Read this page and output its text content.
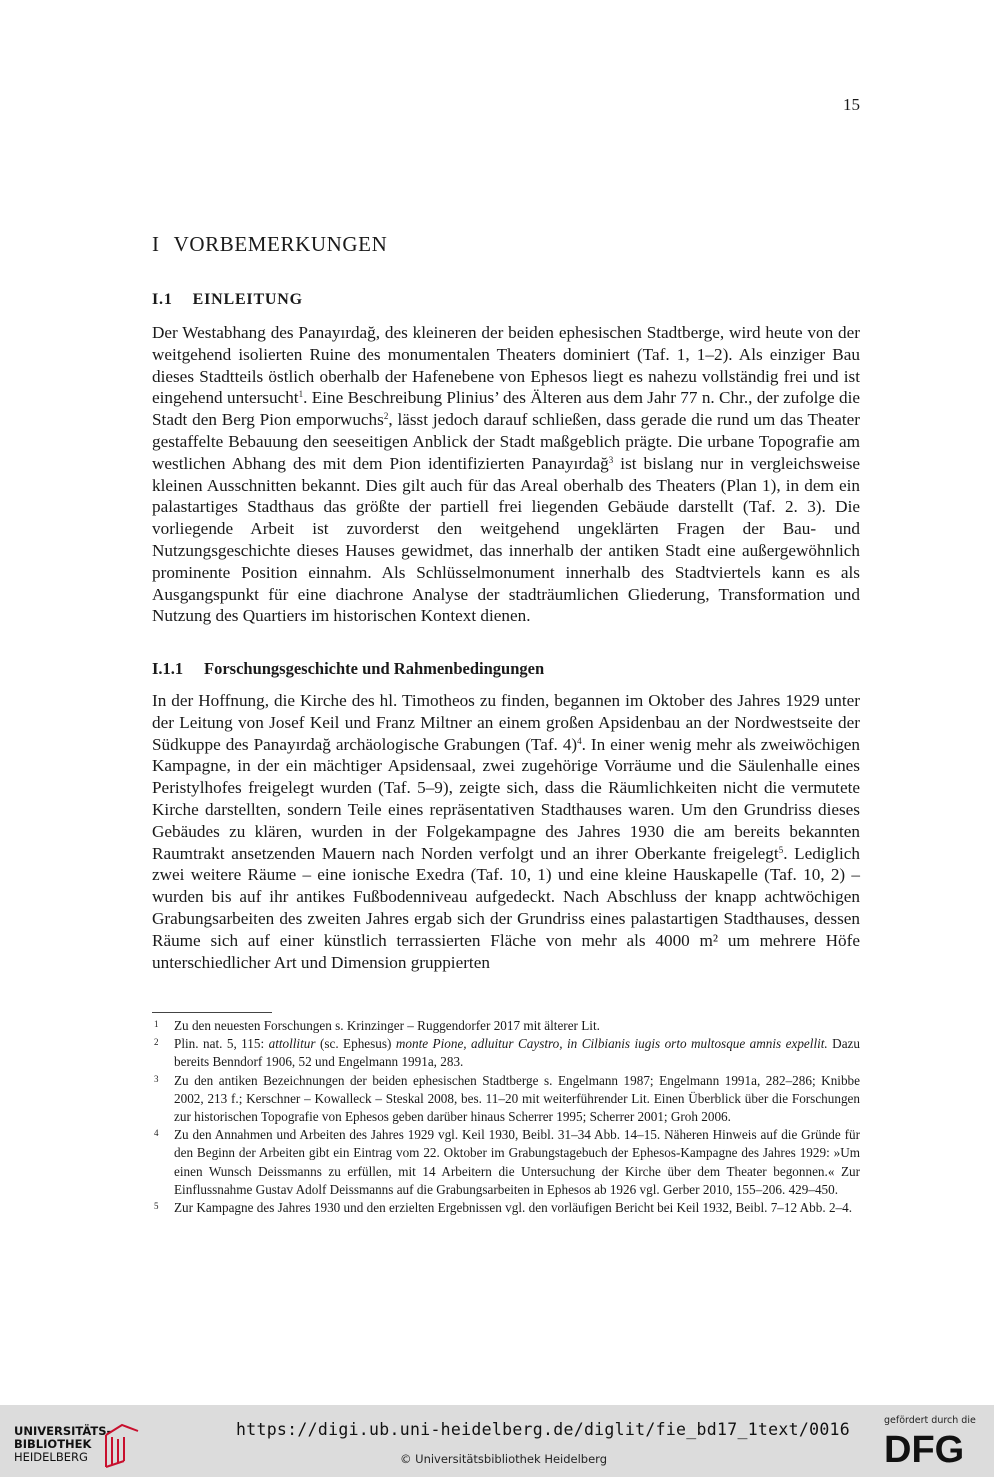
15
I VORBEMERKUNGEN
I.1 EINLEITUNG

Der Westabhang des Panayırdağ, des kleineren der beiden ephesischen Stadtberge, wird heute von der weitgehend isolierten Ruine des monumentalen Theaters dominiert (Taf. 1, 1–2). Als einziger Bau dieses Stadtteils östlich oberhalb der Hafenebene von Ephesos liegt es nahezu vollständig frei und ist eingehend untersucht$^1$. Eine Beschreibung Plinius’ des Älteren aus dem Jahr 77 n. Chr., der zufolge die Stadt den Berg Pion emporwuchs$^2$, lässt jedoch darauf schließen, dass gerade die rund um das Theater gestaffelte Bebauung den seeseitigen Anblick der Stadt maßgeblich prägte. Die urbane Topografie am westlichen Abhang des mit dem Pion identifizierten Panayırdağ$^3$ ist bislang nur in vergleichsweise kleinen Ausschnitten bekannt. Dies gilt auch für das Areal oberhalb des Theaters (Plan 1), in dem ein palastartiges Stadthaus das größte der partiell frei liegenden Gebäude darstellt (Taf. 2. 3). Die vorliegende Arbeit ist zuvorderst den weitgehend ungeklärten Fragen der Bau- und Nutzungsgeschichte dieses Hauses gewidmet, das innerhalb der antiken Stadt eine außergewöhnlich prominente Position einnahm. Als Schlüsselmonument innerhalb des Stadtviertels kann es als Ausgangspunkt für eine diachrone Analyse der stadträumlichen Gliederung, Transformation und Nutzung des Quartiers im historischen Kontext dienen.

I.1.1 Forschungsgeschichte und Rahmenbedingungen

In der Hoffnung, die Kirche des hl. Timotheos zu finden, begannen im Oktober des Jahres 1929 unter der Leitung von Josef Keil und Franz Miltner an einem großen Apsidenbau an der Nordwestseite der Südkuppe des Panayırdağ archäologische Grabungen (Taf. 4)$^4$. In einer wenig mehr als zweiwöchigen Kampagne, in der ein mächtiger Apsidensaal, zwei zugehörige Vorräume und die Säulenhalle eines Peristylhofes freigelegt wurden (Taf. 5–9), zeigte sich, dass die Räumlichkeiten nicht die vermutete Kirche darstellten, sondern Teile eines repräsentativen Stadthauses waren. Um den Grundriss dieses Gebäudes zu klären, wurden in der Folgekampagne des Jahres 1930 die am bereits bekannten Raumtrakt ansetzenden Mauern nach Norden verfolgt und an ihrer Oberkante freigelegt$^5$. Lediglich zwei weitere Räume – eine ionische Exedra (Taf. 10, 1) und eine kleine Hauskapelle (Taf. 10, 2) – wurden bis auf ihr antikes Fußbodenniveau aufgedeckt. Nach Abschluss der knapp achtwöchigen Grabungsarbeiten des zweiten Jahres ergab sich der Grundriss eines palastartigen Stadthauses, dessen Räume sich auf einer künstlich terrassierten Fläche von mehr als 4000 m² um mehrere Höfe unterschiedlicher Art und Dimension gruppierten

1 Zu den neuesten Forschungen s. Krinzinger – Ruggendorfer 2017 mit älterer Lit.
2 Plin. nat. 5, 115: attollitur (sc. Ephesus) monte Pione, adluitur Caystro, in Cilbianis iugis orto multosque amnis expellit. Dazu bereits Benndorf 1906, 52 und Engelmann 1991a, 283.
3 Zu den antiken Bezeichnungen der beiden ephesischen Stadtberge s. Engelmann 1987; Engelmann 1991a, 282–286; Knibbe 2002, 213 f.; Kerschner – Kowalleck – Steskal 2008, bes. 11–20 mit weiterführender Lit. Einen Überblick über die Forschungen zur historischen Topografie von Ephesos geben darüber hinaus Scherrer 1995; Scherrer 2001; Groh 2006.
4 Zu den Annahmen und Arbeiten des Jahres 1929 vgl. Keil 1930, Beibl. 31–34 Abb. 14–15. Näheren Hinweis auf die Gründe für den Beginn der Arbeiten gibt ein Eintrag vom 22. Oktober im Grabungstagebuch der Ephesos-Kampagne des Jahres 1929: »Um einen Wunsch Deissmanns zu erfüllen, mit 14 Arbeitern die Untersuchung der Kirche über dem Theater begonnen.« Zur Einflussnahme Gustav Adolf Deissmanns auf die Grabungsarbeiten in Ephesos ab 1926 vgl. Gerber 2010, 155–206. 429–450.
5 Zur Kampagne des Jahres 1930 und den erzielten Ergebnissen vgl. den vorläufigen Bericht bei Keil 1932, Beibl. 7–12 Abb. 2–4.
UNIVERSITÄTS-
BIBLIOTHEK
HEIDELBERG
https://digi.ub.uni-heidelberg.de/diglit/fie_bd17_1text/0016
© Universitätsbibliothek Heidelberg
gefördert durch die
DFG
